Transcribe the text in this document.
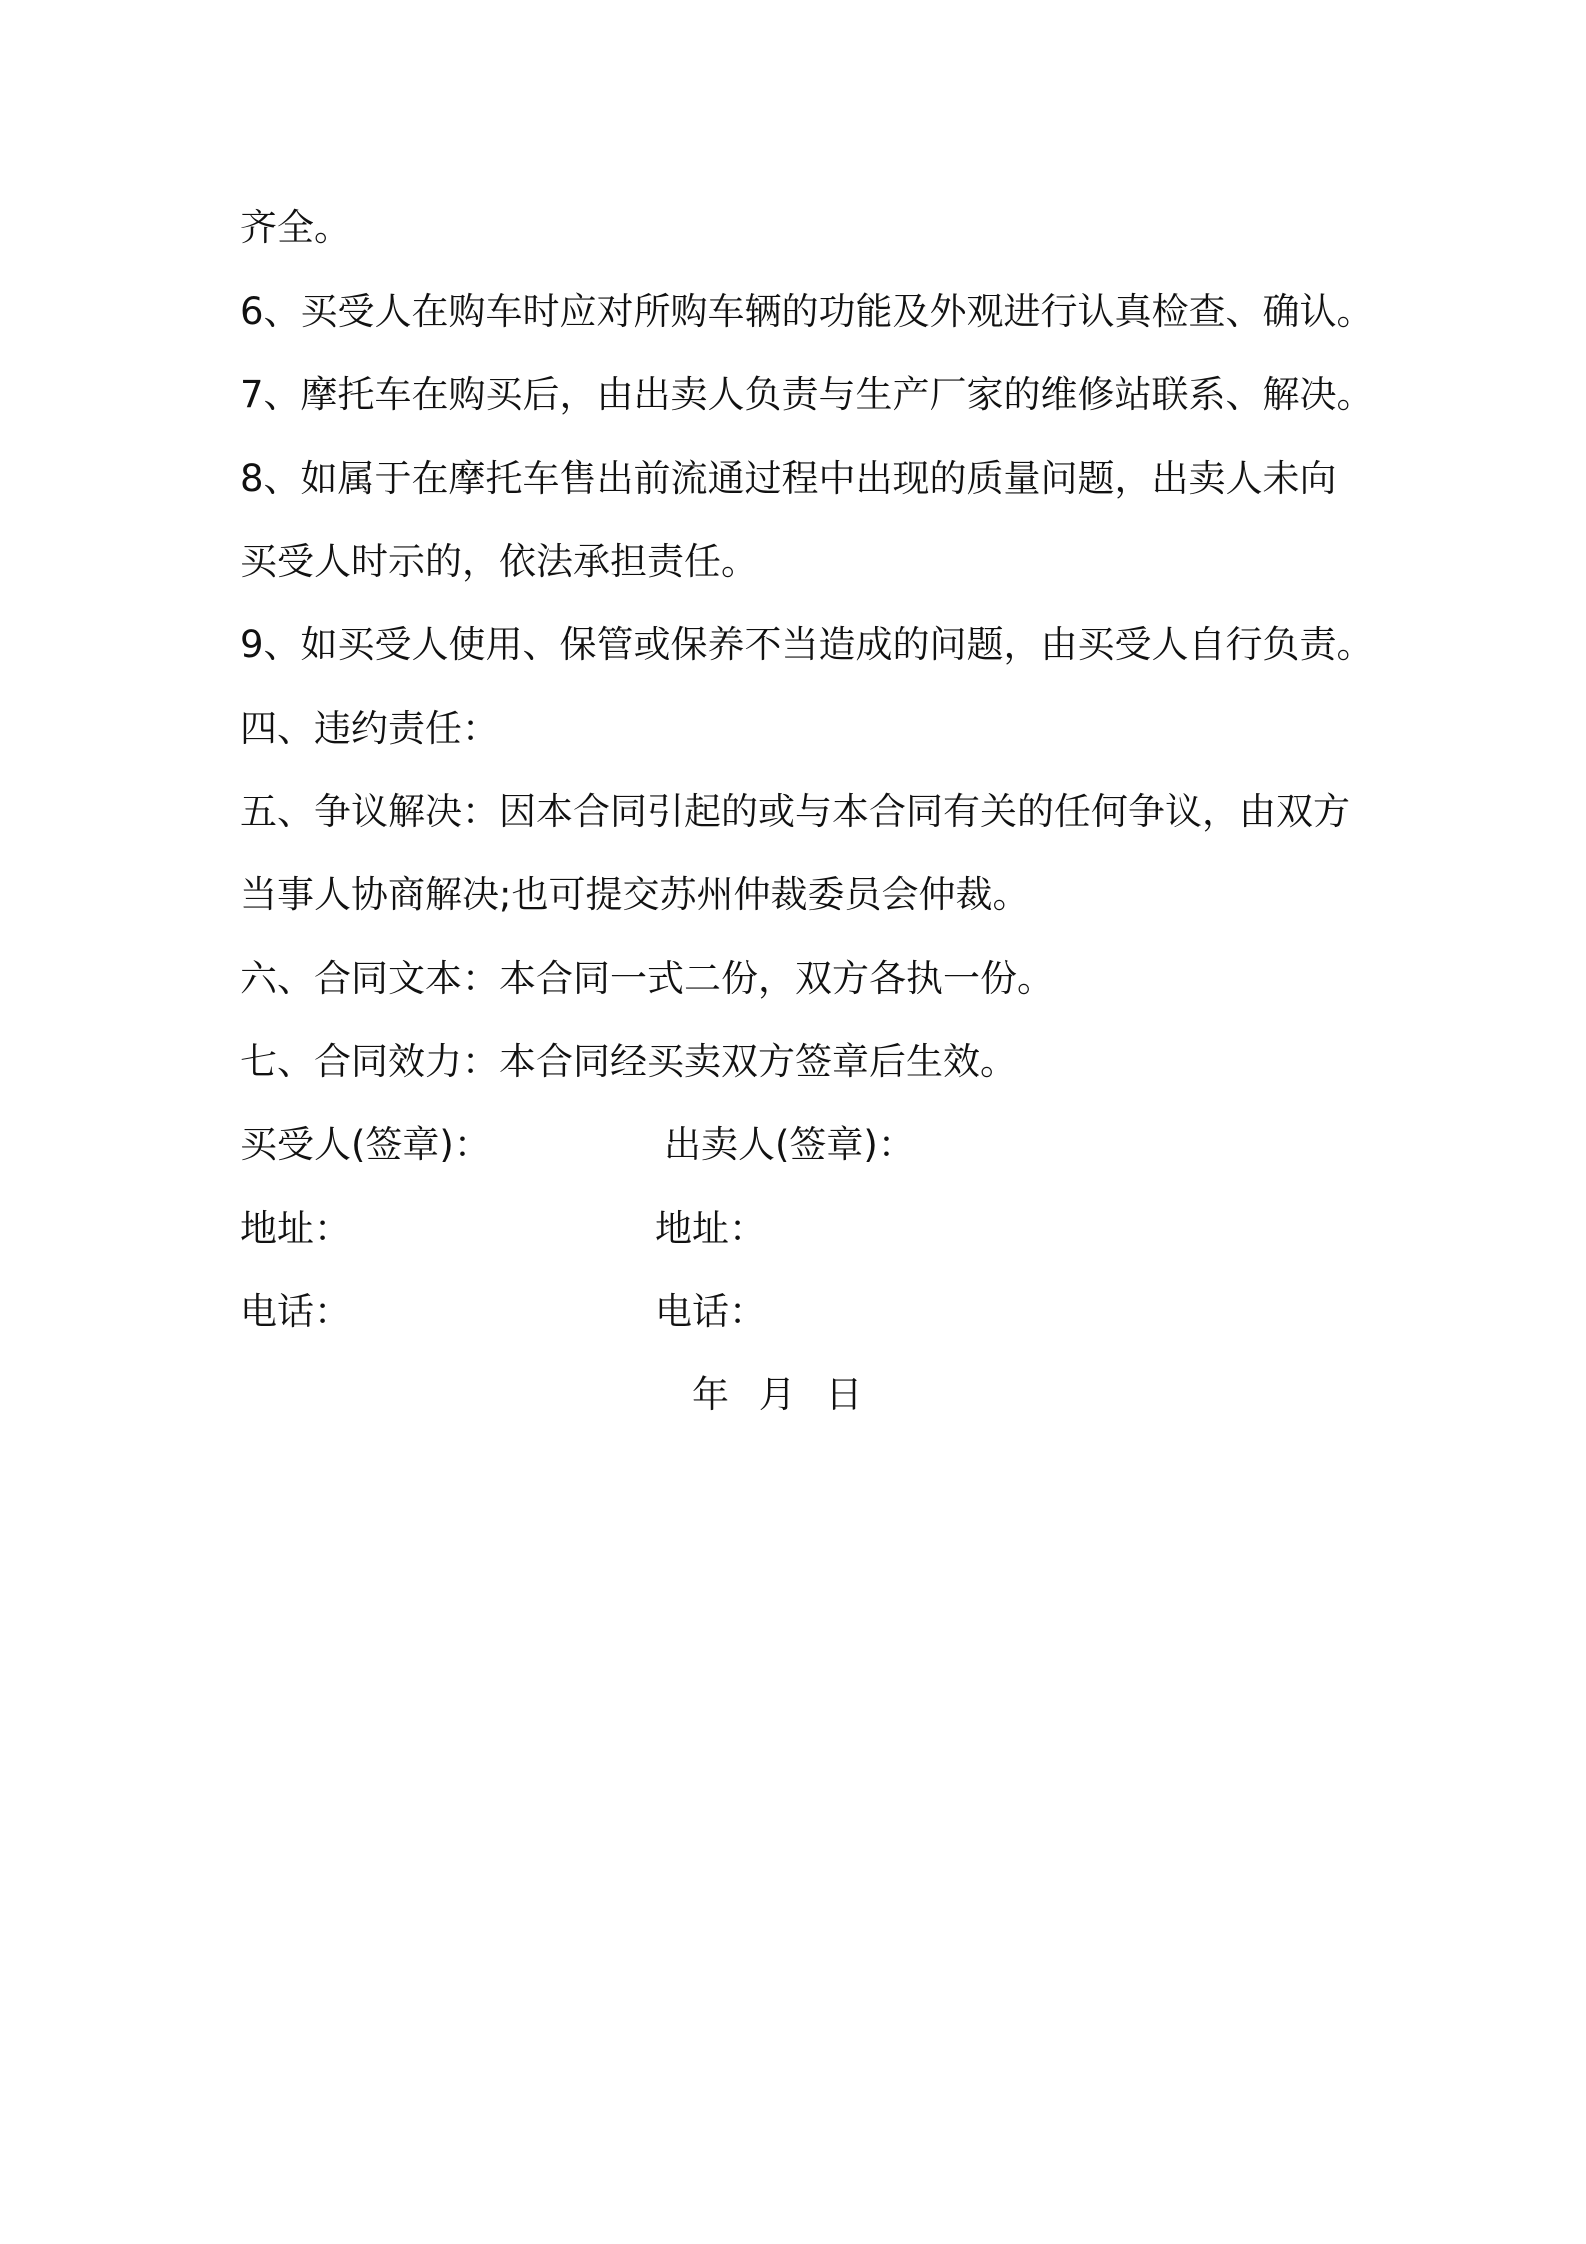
齐全。
6、买受人在购车时应对所购车辆的功能及外观进行认真检查、确认。
7、摩托车在购买后，由出卖人负责与生产厂家的维修站联系、解决。
8、如属于在摩托车售出前流通过程中出现的质量问题，出卖人未向
买受人时示的，依法承担责任。
9、如买受人使用、保管或保养不当造成的问题，由买受人自行负责。
四、违约责任：
五、争议解决：因本合同引起的或与本合同有关的任何争议，由双方
当事人协商解决;也可提交苏州仲裁委员会仲裁。
六、合同文本：本合同一式二份，双方各执一份。
七、合同效力：本合同经买卖双方签章后生效。
买受人(签章)：	出卖人(签章)：
地址：	地址：
电话：	电话：
年 月 日
